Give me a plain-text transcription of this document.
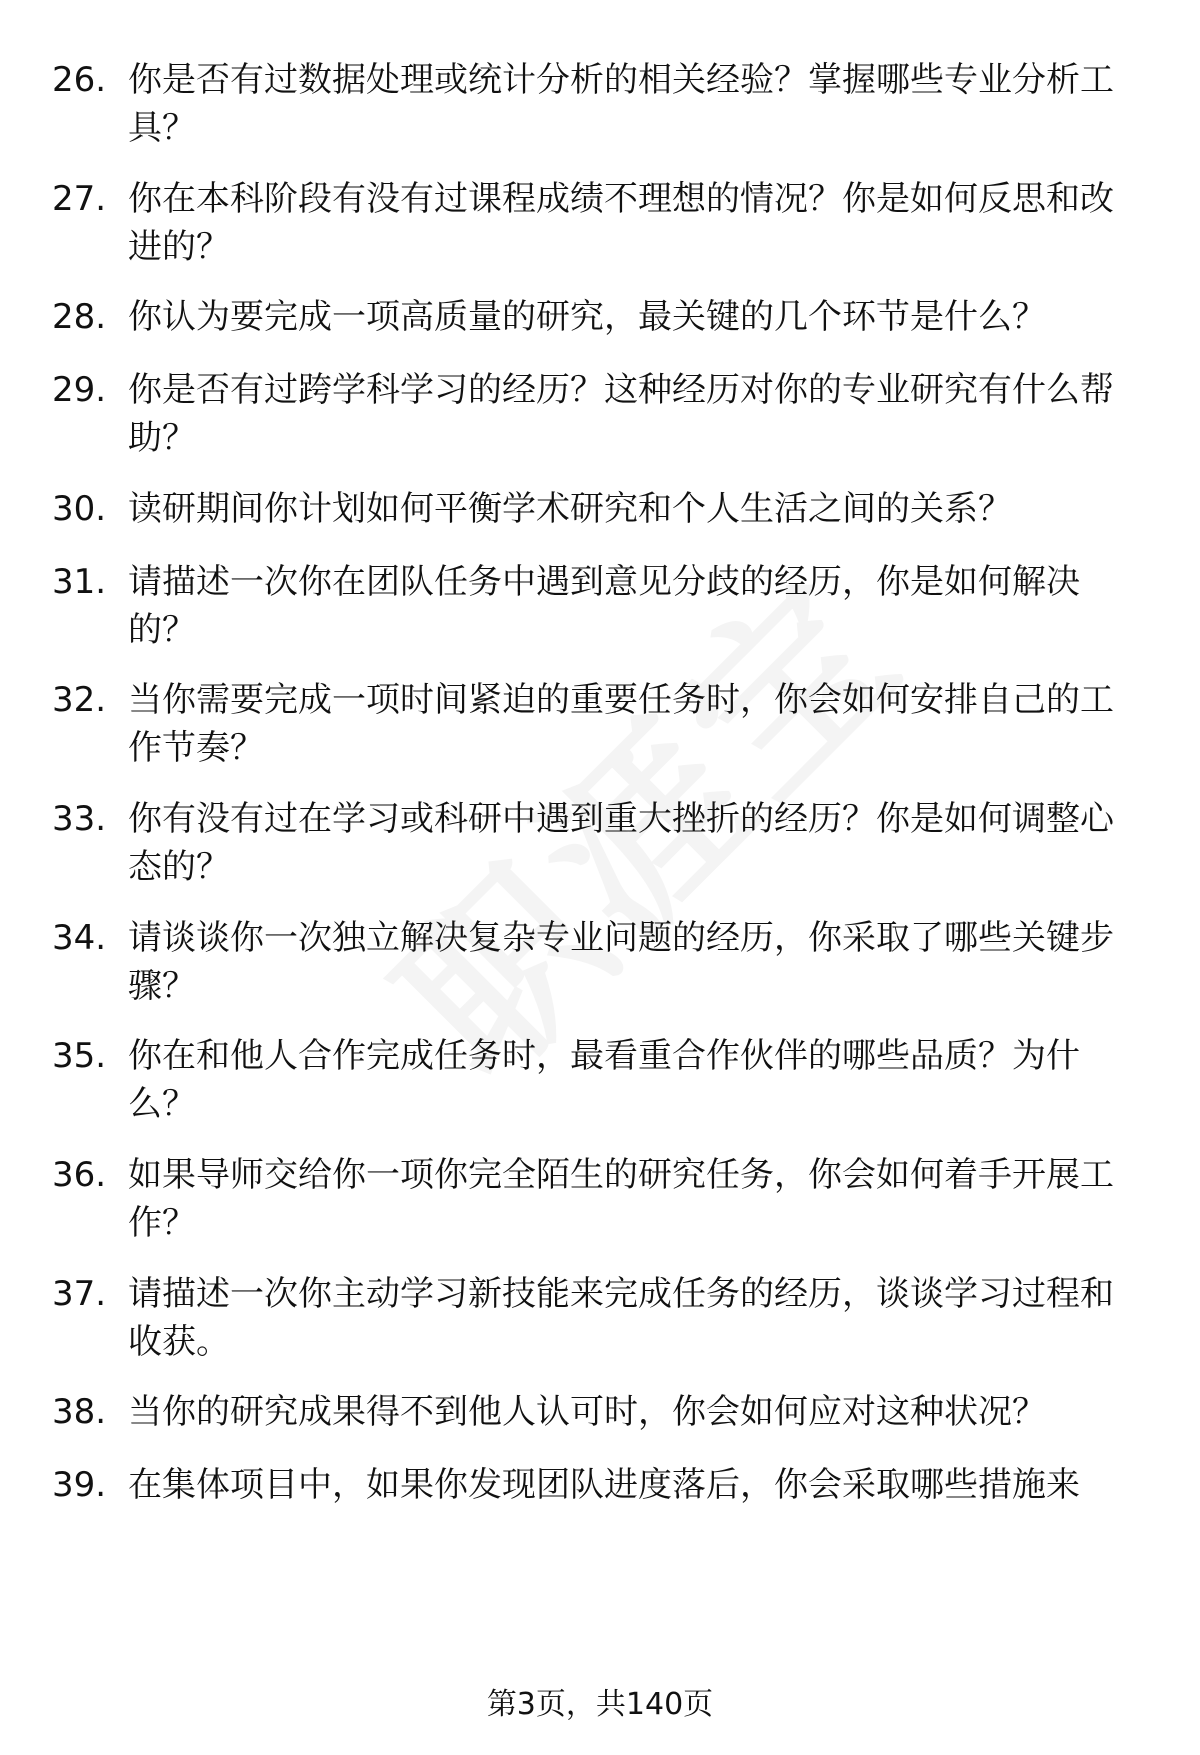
26. 你是否有过数据处理或统计分析的相关经验？掌握哪些专业分析工具？
27. 你在本科阶段有没有过课程成绩不理想的情况？你是如何反思和改进的？
28. 你认为要完成一项高质量的研究，最关键的几个环节是什么？
29. 你是否有过跨学科学习的经历？这种经历对你的专业研究有什么帮助？
30. 读研期间你计划如何平衡学术研究和个人生活之间的关系？
31. 请描述一次你在团队任务中遇到意见分歧的经历，你是如何解决的？
32. 当你需要完成一项时间紧迫的重要任务时，你会如何安排自己的工作节奏？
33. 你有没有过在学习或科研中遇到重大挫折的经历？你是如何调整心态的？
34. 请谈谈你一次独立解决复杂专业问题的经历，你采取了哪些关键步骤？
35. 你在和他人合作完成任务时，最看重合作伙伴的哪些品质？为什么？
36. 如果导师交给你一项你完全陌生的研究任务，你会如何着手开展工作？
37. 请描述一次你主动学习新技能来完成任务的经历，谈谈学习过程和收获。
38. 当你的研究成果得不到他人认可时，你会如何应对这种状况？
39. 在集体项目中，如果你发现团队进度落后，你会采取哪些措施来
第3页，共140页
